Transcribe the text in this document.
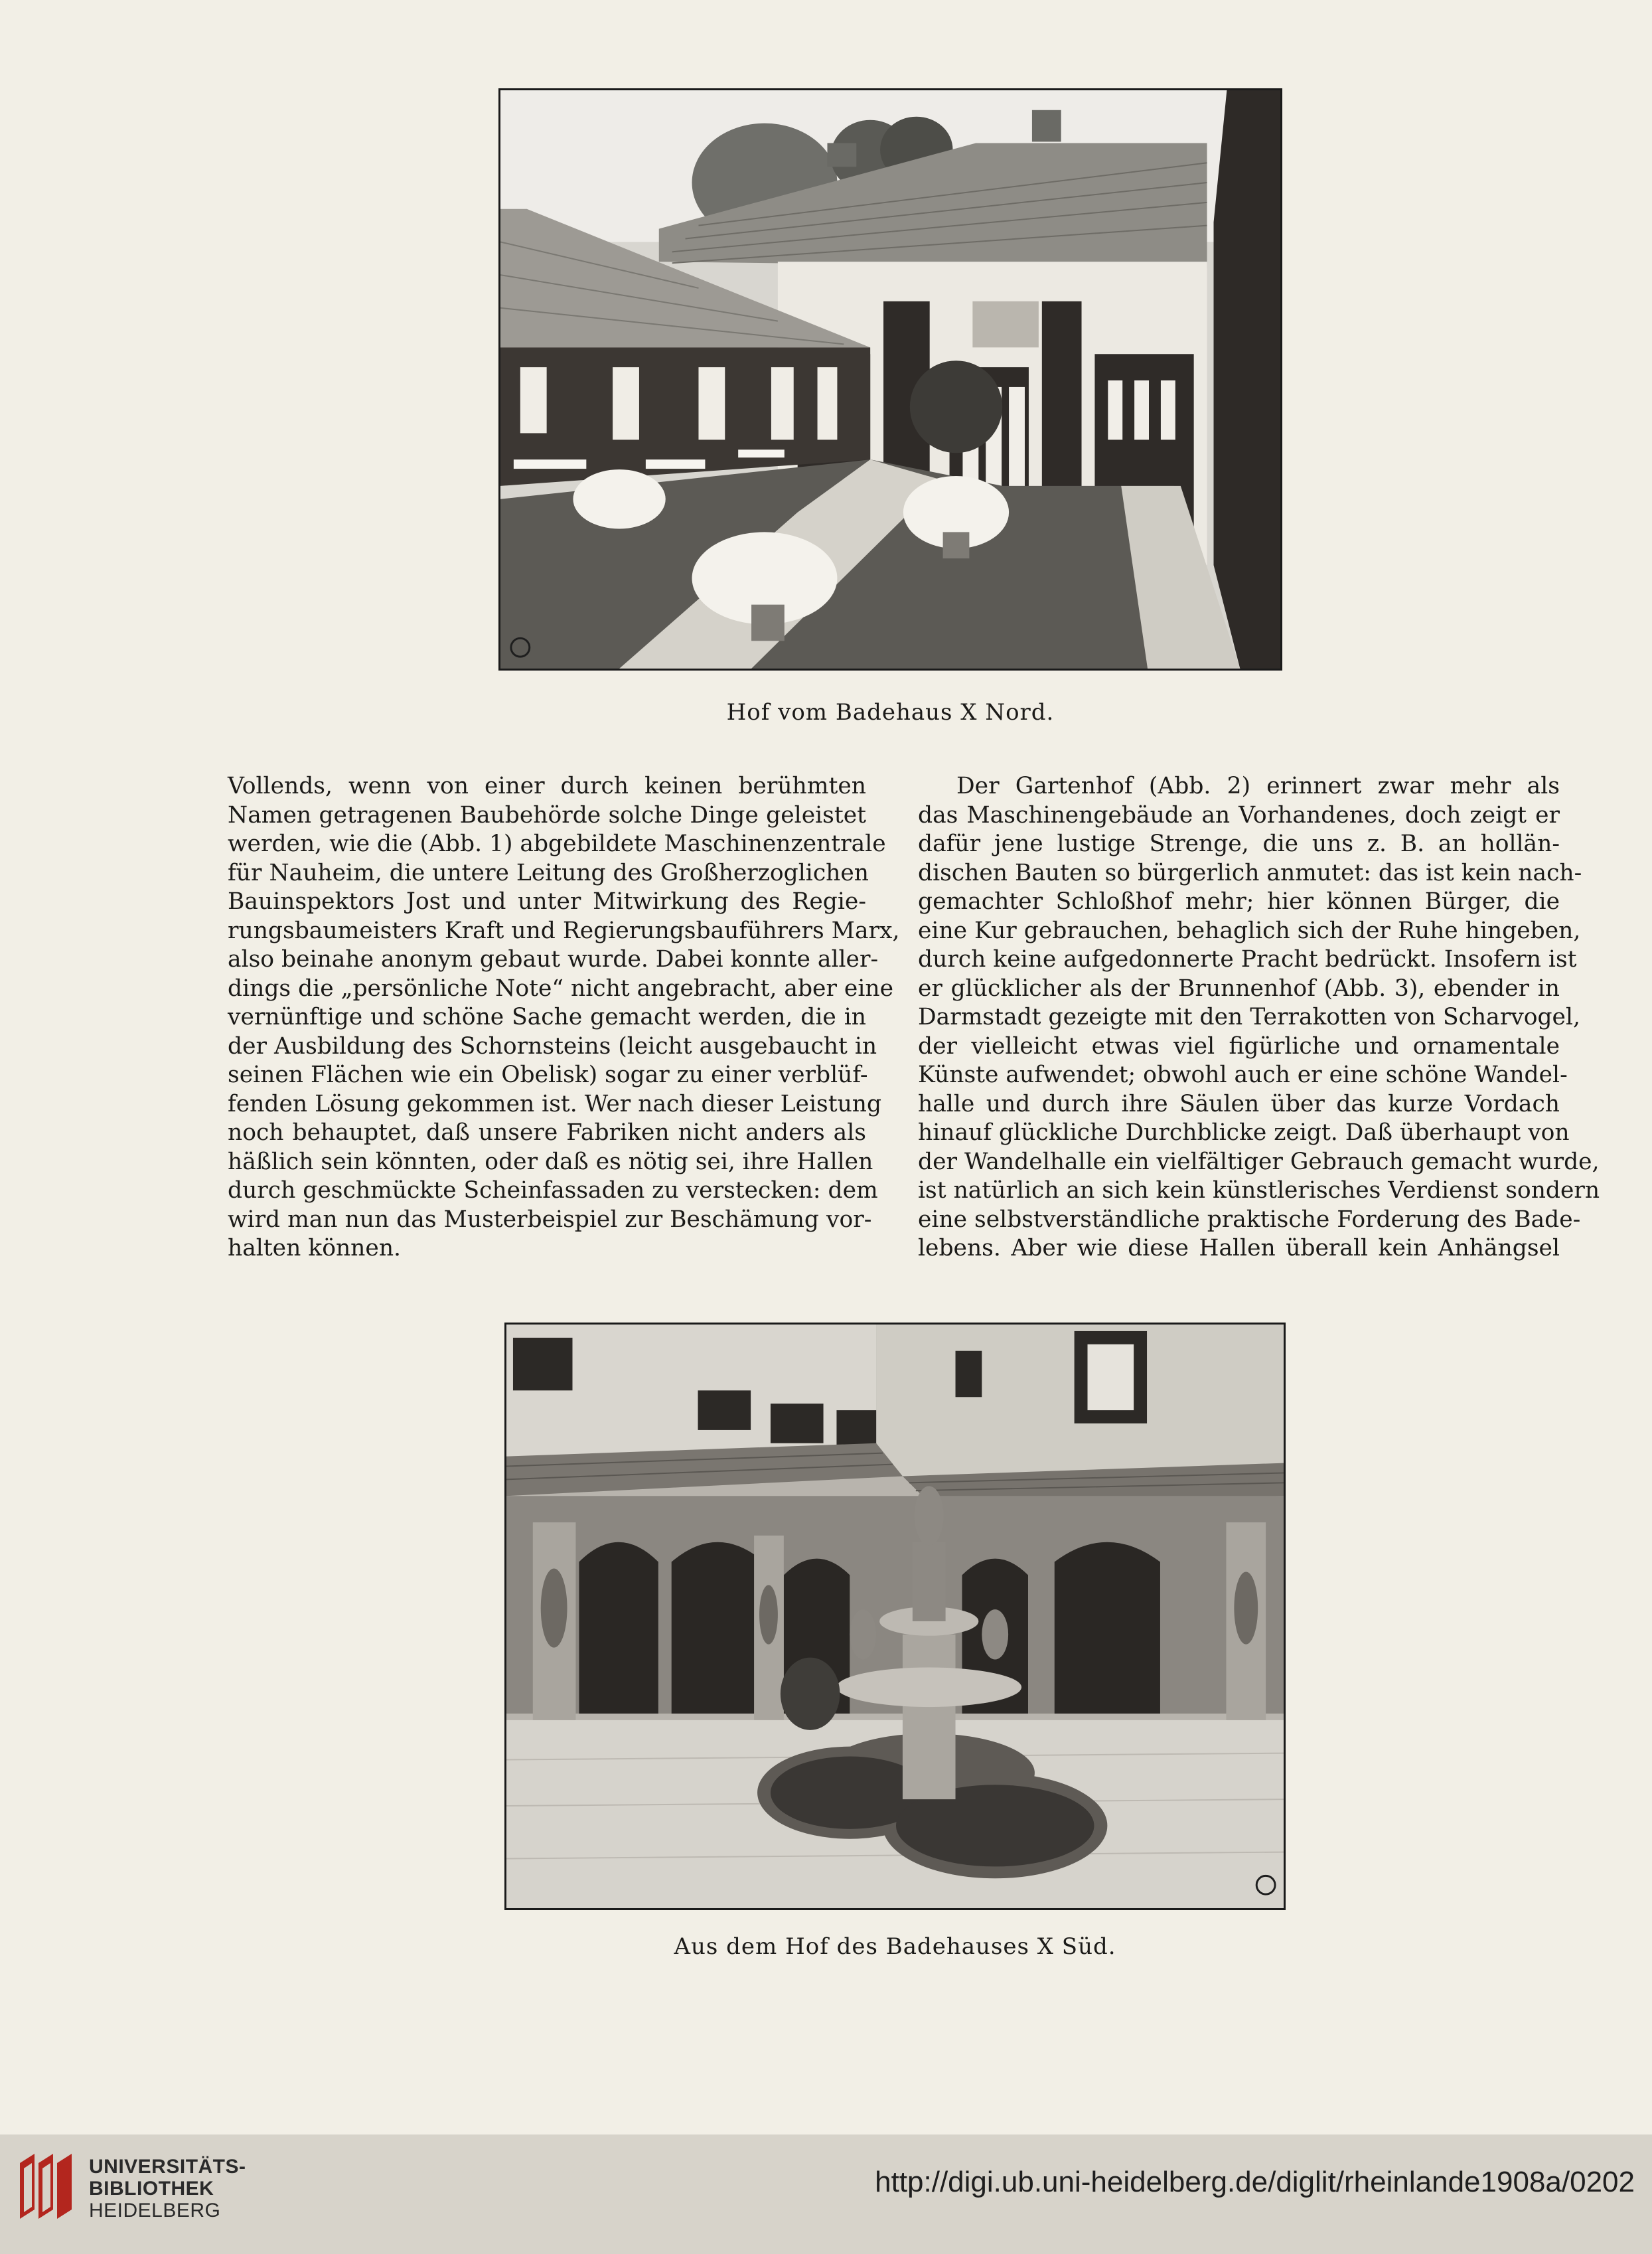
Hof vom Badehaus X Nord.

Vollends, wenn von einer durch keinen berühmten
Namen getragenen Baubehörde solche Dinge geleistet
werden, wie die (Abb. 1) abgebildete Maschinenzentrale
für Nauheim, die untere Leitung des Großherzoglichen
Bauinspektors Jost und unter Mitwirkung des Regie-
rungsbaumeisters Kraft und Regierungsbauführers Marx,
also beinahe anonym gebaut wurde. Dabei konnte aller-
dings die „persönliche Note“ nicht angebracht, aber eine
vernünftige und schöne Sache gemacht werden, die in
der Ausbildung des Schornsteins (leicht ausgebaucht in
seinen Flächen wie ein Obelisk) sogar zu einer verblüf-
fenden Lösung gekommen ist. Wer nach dieser Leistung
noch behauptet, daß unsere Fabriken nicht anders als
häßlich sein könnten, oder daß es nötig sei, ihre Hallen
durch geschmückte Scheinfassaden zu verstecken: dem
wird man nun das Musterbeispiel zur Beschämung vor-
halten können.

Der Gartenhof (Abb. 2) erinnert zwar mehr als
das Maschinengebäude an Vorhandenes, doch zeigt er
dafür jene lustige Strenge, die uns z. B. an hollän-
dischen Bauten so bürgerlich anmutet: das ist kein nach-
gemachter Schloßhof mehr; hier können Bürger, die
eine Kur gebrauchen, behaglich sich der Ruhe hingeben,
durch keine aufgedonnerte Pracht bedrückt. Insofern ist
er glücklicher als der Brunnenhof (Abb. 3), ebender in
Darmstadt gezeigte mit den Terrakotten von Scharvogel,
der vielleicht etwas viel figürliche und ornamentale
Künste aufwendet; obwohl auch er eine schöne Wandel-
halle und durch ihre Säulen über das kurze Vordach
hinauf glückliche Durchblicke zeigt. Daß überhaupt von
der Wandelhalle ein vielfältiger Gebrauch gemacht wurde,
ist natürlich an sich kein künstlerisches Verdienst sondern
eine selbstverständliche praktische Forderung des Bade-
lebens. Aber wie diese Hallen überall kein Anhängsel

Aus dem Hof des Badehauses X Süd.
UNIVERSITÄTS-
BIBLIOTHEK
HEIDELBERG
http://digi.ub.uni-heidelberg.de/diglit/rheinlande1908a/0202
